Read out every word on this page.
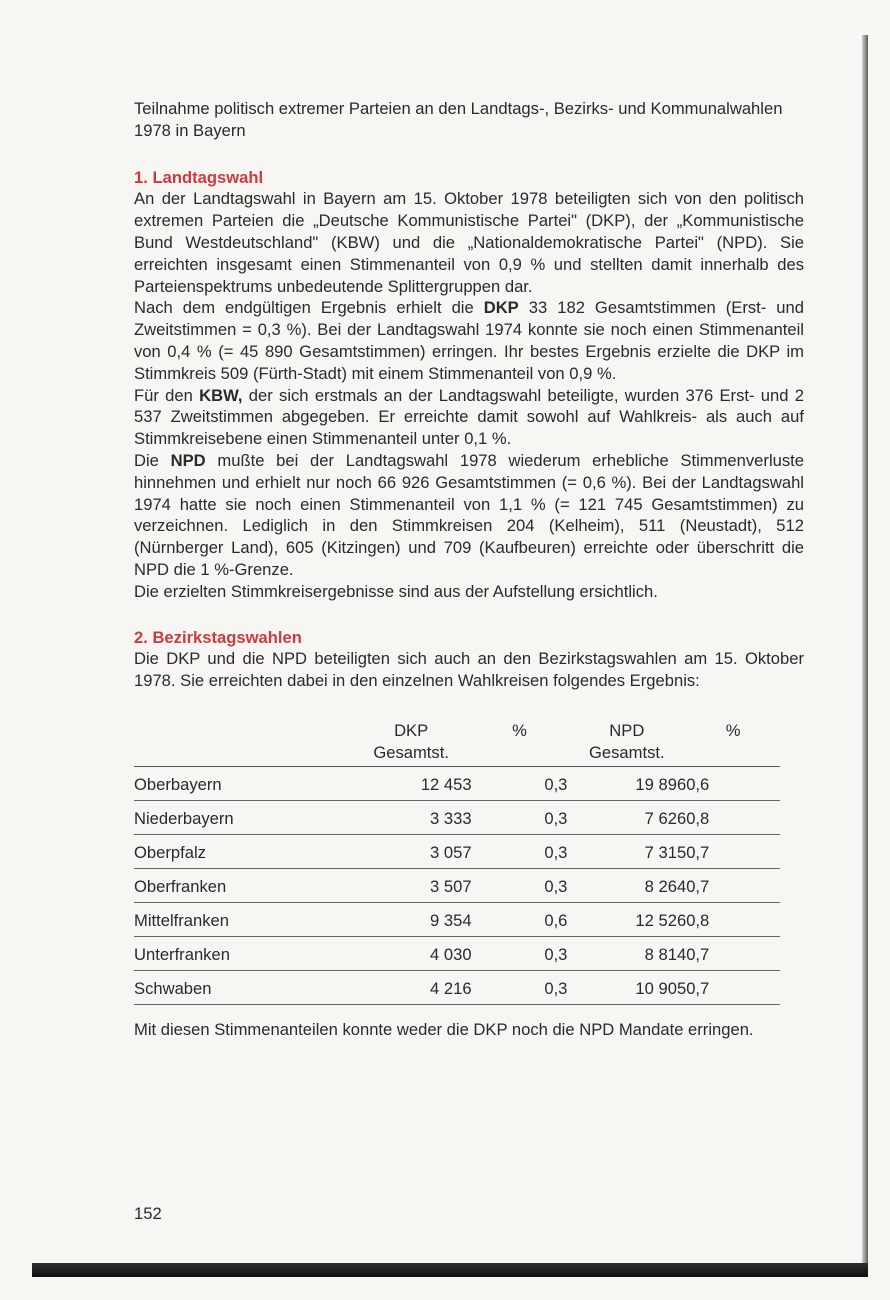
Teilnahme politisch extremer Parteien an den Landtags-, Bezirks- und Kommunalwahlen 1978 in Bayern

1. Landtagswahl

An der Landtagswahl in Bayern am 15. Oktober 1978 beteiligten sich von den politisch extremen Parteien die „Deutsche Kommunistische Partei" (DKP), der „Kommunistische Bund Westdeutschland" (KBW) und die „Nationaldemokratische Partei" (NPD). Sie erreichten insgesamt einen Stimmenanteil von 0,9 % und stellten damit innerhalb des Parteienspektrums unbedeutende Splittergruppen dar.

Nach dem endgültigen Ergebnis erhielt die DKP 33 182 Gesamtstimmen (Erst- und Zweitstimmen = 0,3 %). Bei der Landtagswahl 1974 konnte sie noch einen Stimmenanteil von 0,4 % (= 45 890 Gesamtstimmen) erringen. Ihr bestes Ergebnis erzielte die DKP im Stimmkreis 509 (Fürth-Stadt) mit einem Stimmenanteil von 0,9 %.

Für den KBW, der sich erstmals an der Landtagswahl beteiligte, wurden 376 Erst- und 2 537 Zweitstimmen abgegeben. Er erreichte damit sowohl auf Wahlkreis- als auch auf Stimmkreisebene einen Stimmenanteil unter 0,1 %.

Die NPD mußte bei der Landtagswahl 1978 wiederum erhebliche Stimmenverluste hinnehmen und erhielt nur noch 66 926 Gesamtstimmen (= 0,6 %). Bei der Landtagswahl 1974 hatte sie noch einen Stimmenanteil von 1,1 % (= 121 745 Gesamtstimmen) zu verzeichnen. Lediglich in den Stimmkreisen 204 (Kelheim), 511 (Neustadt), 512 (Nürnberger Land), 605 (Kitzingen) und 709 (Kaufbeuren) erreichte oder überschritt die NPD die 1 %-Grenze.

Die erzielten Stimmkreisergebnisse sind aus der Aufstellung ersichtlich.

2. Bezirkstagswahlen

Die DKP und die NPD beteiligten sich auch an den Bezirkstagswahlen am 15. Oktober 1978. Sie erreichten dabei in den einzelnen Wahlkreisen folgendes Ergebnis:

	DKP
Gesamtst.	%	NPD
Gesamtst.	%
Oberbayern	12 453	0,3	19 896	0,6
Niederbayern	3 333	0,3	7 626	0,8
Oberpfalz	3 057	0,3	7 315	0,7
Oberfranken	3 507	0,3	8 264	0,7
Mittelfranken	9 354	0,6	12 526	0,8
Unterfranken	4 030	0,3	8 814	0,7
Schwaben	4 216	0,3	10 905	0,7

Mit diesen Stimmenanteilen konnte weder die DKP noch die NPD Mandate erringen.

152
